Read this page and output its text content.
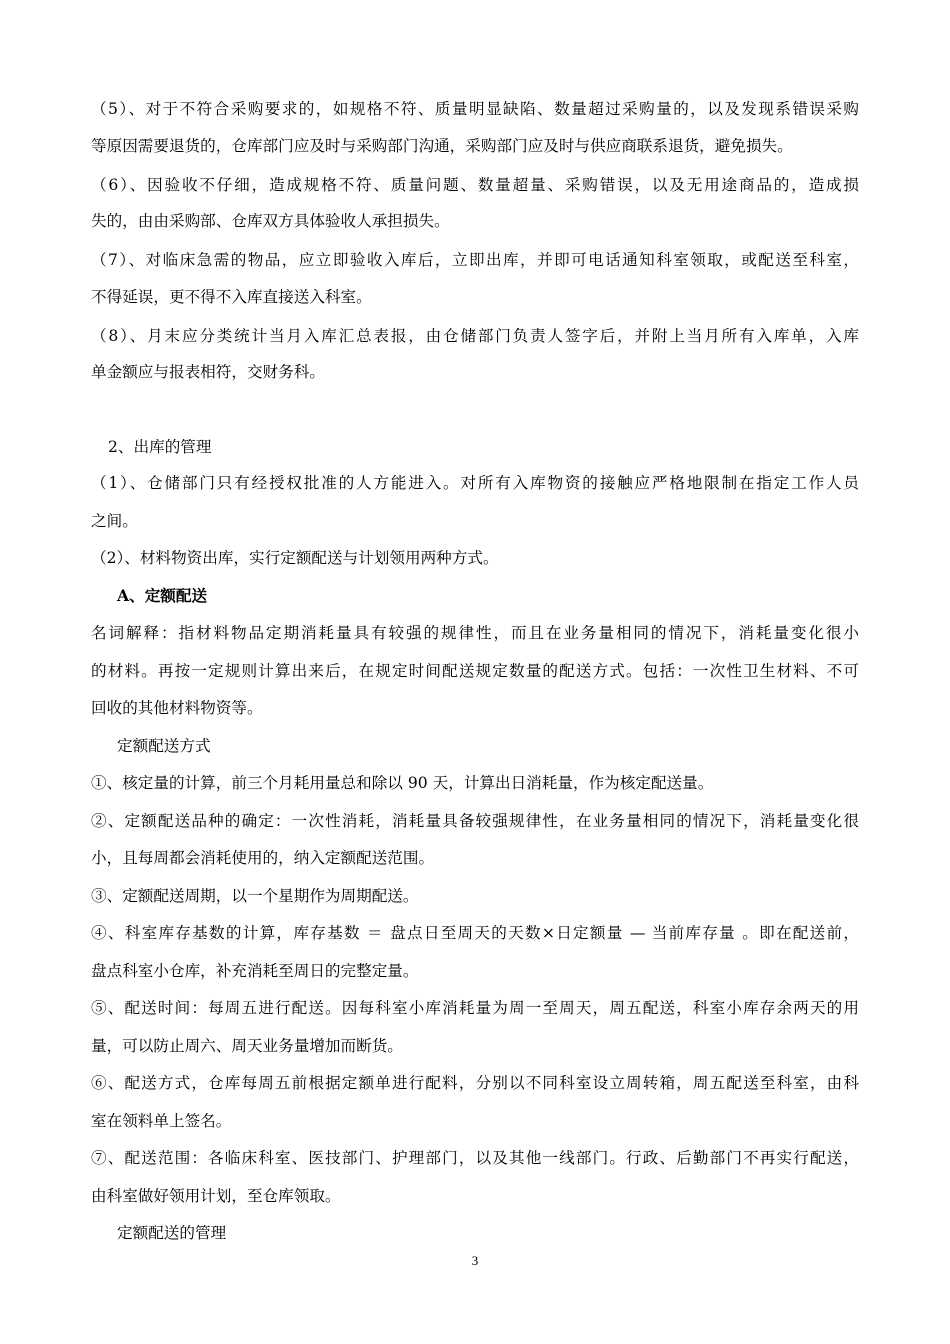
（5）、对于不符合采购要求的，如规格不符、质量明显缺陷、数量超过采购量的，以及发现系错误采购
等原因需要退货的，仓库部门应及时与采购部门沟通，采购部门应及时与供应商联系退货，避免损失。
（6）、因验收不仔细，造成规格不符、质量问题、数量超量、采购错误，以及无用途商品的，造成损
失的，由由采购部、仓库双方具体验收人承担损失。
（7）、对临床急需的物品，应立即验收入库后，立即出库，并即可电话通知科室领取，或配送至科室，
不得延误，更不得不入库直接送入科室。
（8）、月末应分类统计当月入库汇总表报，由仓储部门负责人签字后，并附上当月所有入库单，入库
单金额应与报表相符，交财务科。
2、出库的管理
（1）、仓储部门只有经授权批准的人方能进入。对所有入库物资的接触应严格地限制在指定工作人员
之间。
（2）、材料物资出库，实行定额配送与计划领用两种方式。
A、定额配送
名词解释：指材料物品定期消耗量具有较强的规律性，而且在业务量相同的情况下，消耗量变化很小
的材料。再按一定规则计算出来后，在规定时间配送规定数量的配送方式。包括：一次性卫生材料、不可
回收的其他材料物资等。
定额配送方式
①、核定量的计算，前三个月耗用量总和除以 90 天，计算出日消耗量，作为核定配送量。
②、定额配送品种的确定：一次性消耗，消耗量具备较强规律性，在业务量相同的情况下，消耗量变化很
小，且每周都会消耗使用的，纳入定额配送范围。
③、定额配送周期，以一个星期作为周期配送。
④、科室库存基数的计算，库存基数 ＝ 盘点日至周天的天数×日定额量 — 当前库存量 。即在配送前，
盘点科室小仓库，补充消耗至周日的完整定量。
⑤、配送时间：每周五进行配送。因每科室小库消耗量为周一至周天，周五配送，科室小库存余两天的用
量，可以防止周六、周天业务量增加而断货。
⑥、配送方式，仓库每周五前根据定额单进行配料，分别以不同科室设立周转箱，周五配送至科室，由科
室在领料单上签名。
⑦、配送范围：各临床科室、医技部门、护理部门，以及其他一线部门。行政、后勤部门不再实行配送，
由科室做好领用计划，至仓库领取。
定额配送的管理
3
